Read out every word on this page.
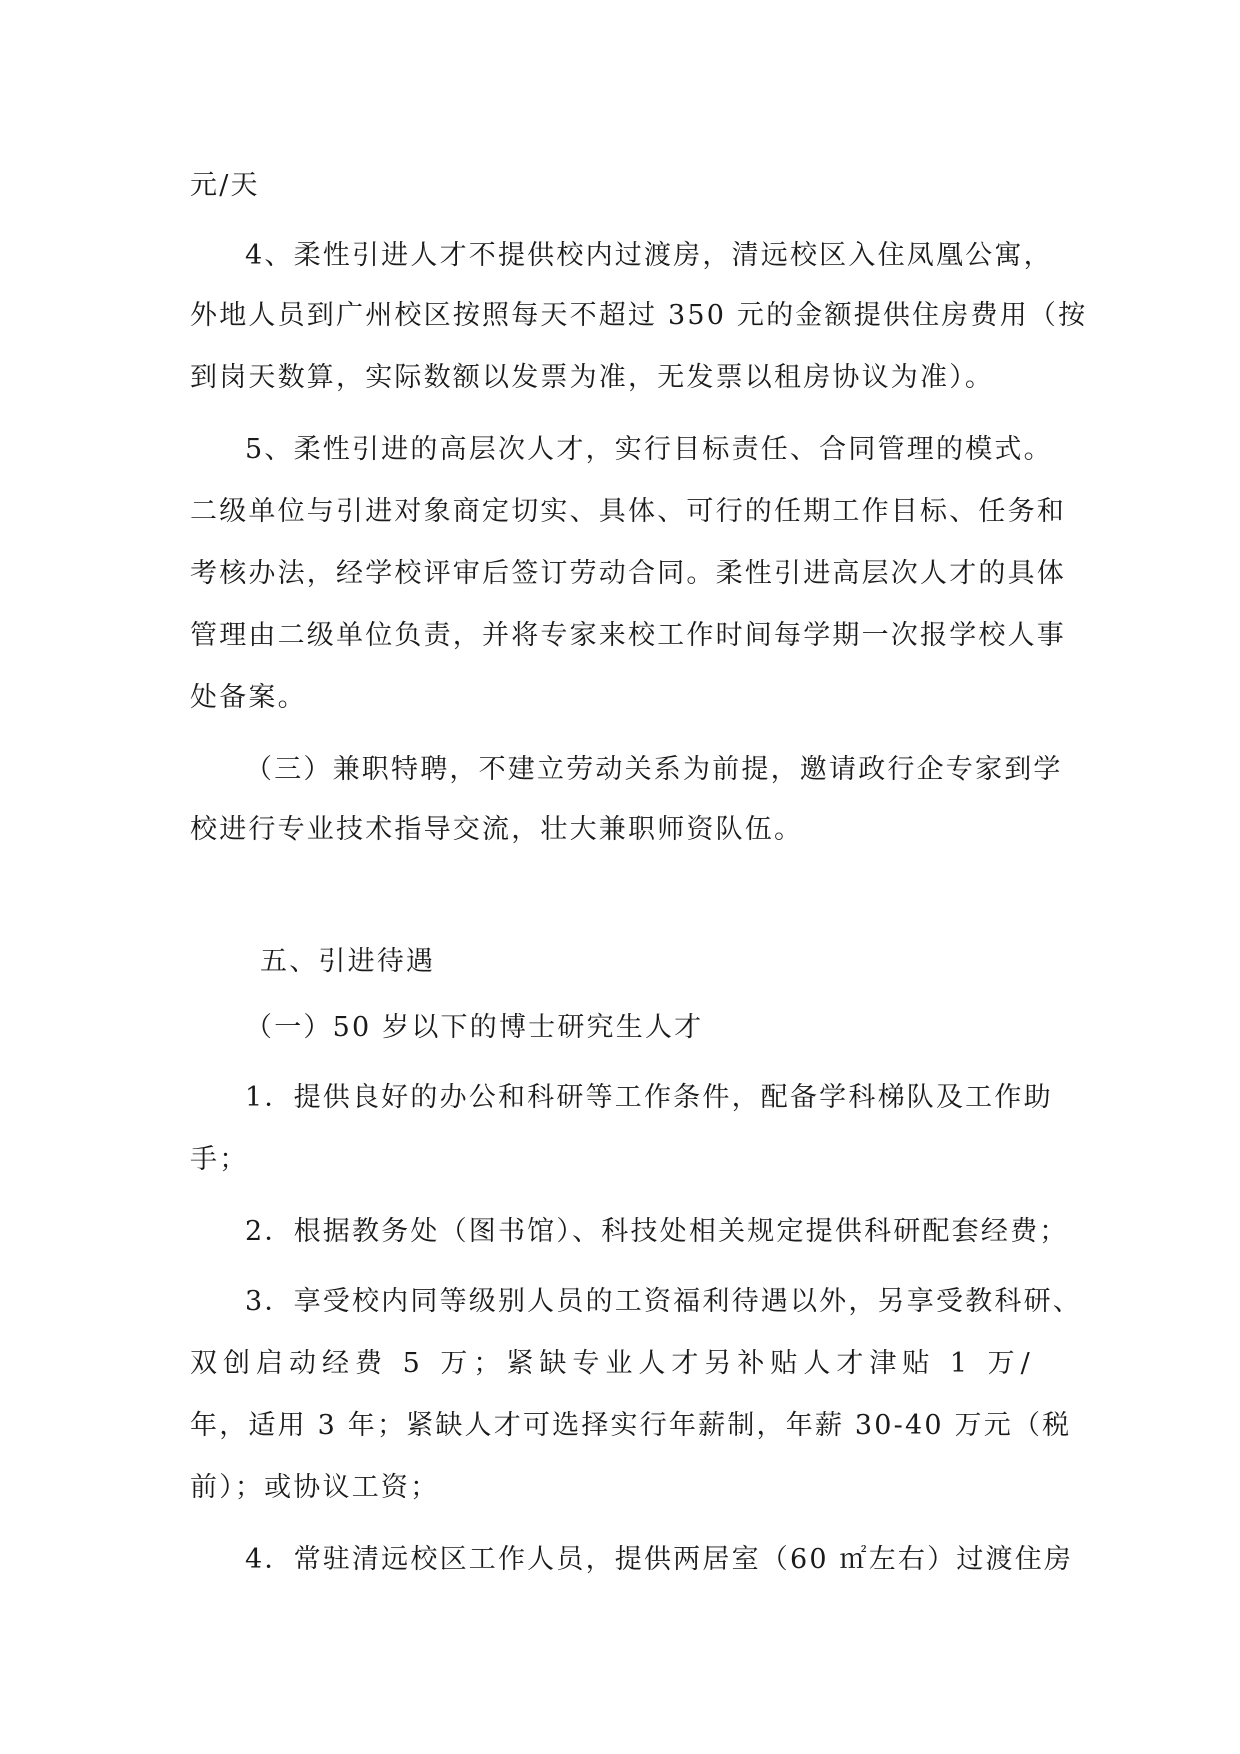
元/天

4、柔性引进人才不提供校内过渡房，清远校区入住凤凰公寓，

外地人员到广州校区按照每天不超过 350 元的金额提供住房费用（按

到岗天数算，实际数额以发票为准，无发票以租房协议为准）。

5、柔性引进的高层次人才，实行目标责任、合同管理的模式。

二级单位与引进对象商定切实、具体、可行的任期工作目标、任务和

考核办法，经学校评审后签订劳动合同。柔性引进高层次人才的具体

管理由二级单位负责，并将专家来校工作时间每学期一次报学校人事

处备案。

（三）兼职特聘，不建立劳动关系为前提，邀请政行企专家到学

校进行专业技术指导交流，壮大兼职师资队伍。

五、引进待遇

（一）50 岁以下的博士研究生人才

1．提供良好的办公和科研等工作条件，配备学科梯队及工作助

手；

2．根据教务处（图书馆）、科技处相关规定提供科研配套经费；

3．享受校内同等级别人员的工资福利待遇以外，另享受教科研、

双创启动经费 5 万；紧缺专业人才另补贴人才津贴 1 万/

年，适用 3 年；紧缺人才可选择实行年薪制，年薪 30-40 万元（税

前）；或协议工资；

4．常驻清远校区工作人员，提供两居室（60 ㎡左右）过渡住房
